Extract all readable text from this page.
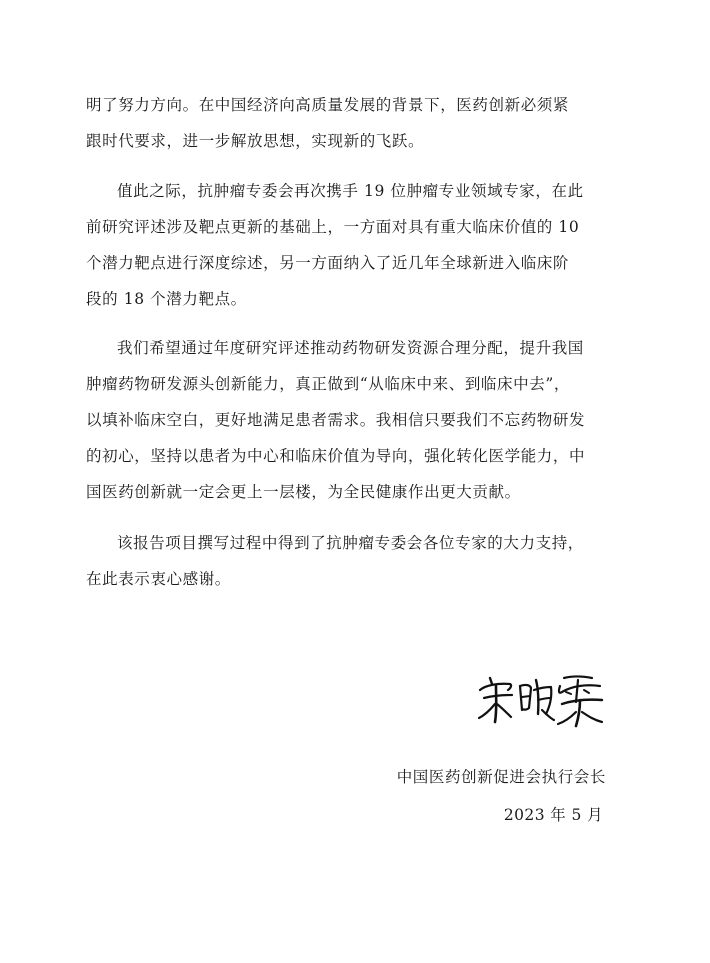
明了努力方向。在中国经济向高质量发展的背景下，医药创新必须紧
跟时代要求，进一步解放思想，实现新的飞跃。
值此之际，抗肿瘤专委会再次携手 19 位肿瘤专业领域专家，在此
前研究评述涉及靶点更新的基础上，一方面对具有重大临床价值的 10
个潜力靶点进行深度综述，另一方面纳入了近几年全球新进入临床阶
段的 18 个潜力靶点。
我们希望通过年度研究评述推动药物研发资源合理分配，提升我国
肿瘤药物研发源头创新能力，真正做到“从临床中来、到临床中去”，
以填补临床空白，更好地满足患者需求。我相信只要我们不忘药物研发
的初心，坚持以患者为中心和临床价值为导向，强化转化医学能力，中
国医药创新就一定会更上一层楼，为全民健康作出更大贡献。
该报告项目撰写过程中得到了抗肿瘤专委会各位专家的大力支持，
在此表示衷心感谢。
中国医药创新促进会执行会长
2023 年 5 月
